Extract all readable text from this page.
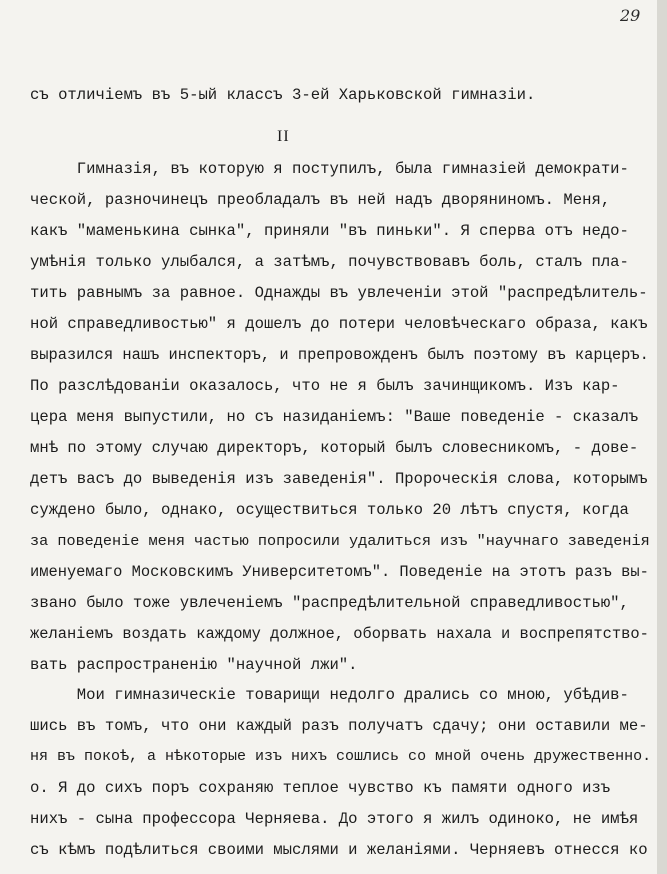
29
съ отличіемъ въ 5-ый классъ 3-ей Харьковской гимназіи.
II
Гимназія, въ которую я поступилъ, была гимназіей демократи-
ческой, разночинецъ преобладалъ въ ней надъ дворяниномъ. Меня,
какъ "маменькина сынка", приняли "въ пиньки". Я сперва отъ недо-
умѣнія только улыбался, а затѣмъ, почувствовавъ боль, сталъ пла-
тить равнымъ за равное. Однажды въ увлеченіи этой "распредѣлитель-
ной справедливостью" я дошелъ до потери человѣческаго образа, какъ
выразился нашъ инспекторъ, и препровожденъ былъ поэтому въ карцеръ.
По разслѣдованіи оказалось, что не я былъ зачинщикомъ. Изъ кар-
цера меня выпустили, но съ назиданіемъ: "Ваше поведеніе - сказалъ
мнѣ по этому случаю директоръ, который былъ словесникомъ, - дове-
детъ васъ до выведенія изъ заведенія". Пророческія слова, которымъ
суждено было, однако, осуществиться только 20 лѣтъ спустя, когда
за поведеніе меня частью попросили удалиться изъ "научнаго заведенія
именуемаго Московскимъ Университетомъ". Поведеніе на этотъ разъ вы-
звано было тоже увлеченіемъ "распредѣлительной справедливостью",
желаніемъ воздать каждому должное, оборвать нахала и воспрепятство-
вать распространенію "научной лжи".
Мои гимназическіе товарищи недолго дрались со мною, убѣдив-
шись въ томъ, что они каждый разъ получатъ сдачу; они оставили ме-
ня въ покоѣ, а нѣкоторые изъ нихъ сошлись со мной очень дружественно.
о. Я до сихъ поръ сохраняю теплое чувство къ памяти одного изъ
нихъ - сына профессора Черняева. До этого я жилъ одиноко, не имѣя
съ кѣмъ подѣлиться своими мыслями и желаніями. Черняевъ отнесся ко
